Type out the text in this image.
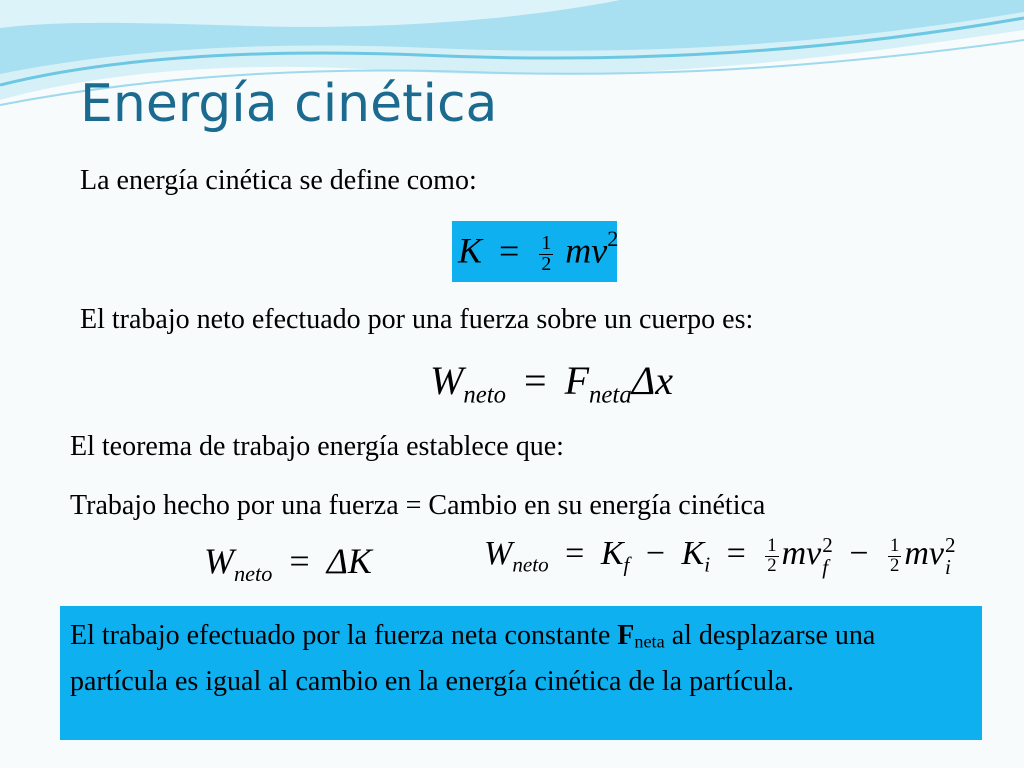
Energía cinética
La energía cinética se define como:
$K = \frac{1}{2} mv^2$
El trabajo neto efectuado por una fuerza sobre un cuerpo es:
$W_{neto} = F_{neta}\Delta x$
El teorema de trabajo energía establece que:
Trabajo hecho por una fuerza = Cambio en su energía cinética
$W_{neto} = \Delta K$	$W_{neto} = K_f - K_i = \frac{1}{2}$ mv 2
$f - \frac{1}{2}$ mv 2
i
El trabajo efectuado por la fuerza neta constante Fneta al desplazarse una partícula es igual al cambio en la energía cinética de la partícula.
